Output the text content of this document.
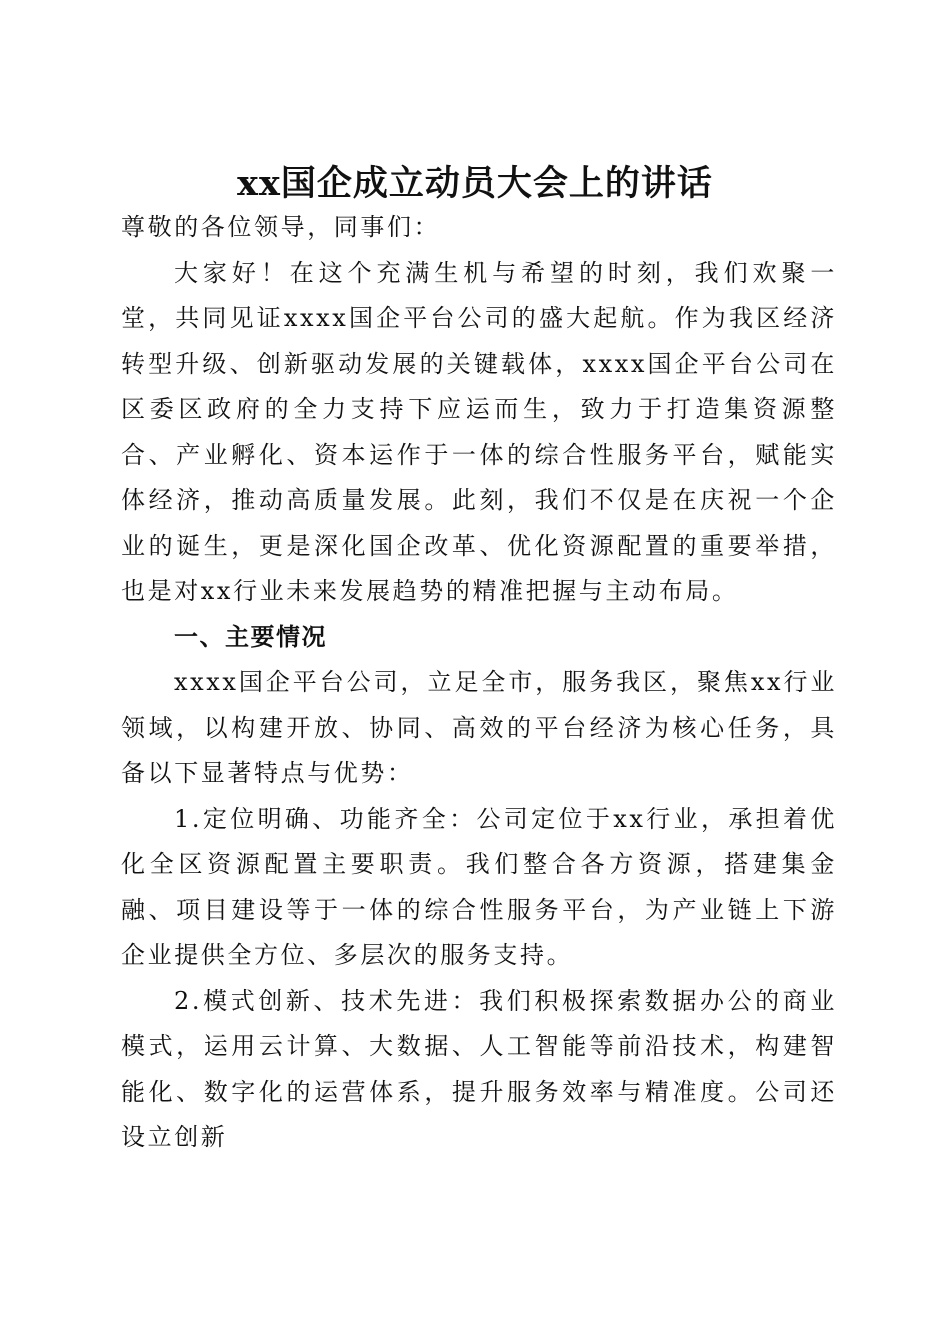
xx国企成立动员大会上的讲话

尊敬的各位领导，同事们：

大家好！在这个充满生机与希望的时刻，我们欢聚一堂，共同见证xxxx国企平台公司的盛大起航。作为我区经济转型升级、创新驱动发展的关键载体，xxxx国企平台公司在区委区政府的全力支持下应运而生，致力于打造集资源整合、产业孵化、资本运作于一体的综合性服务平台，赋能实体经济，推动高质量发展。此刻，我们不仅是在庆祝一个企业的诞生，更是深化国企改革、优化资源配置的重要举措，也是对xx行业未来发展趋势的精准把握与主动布局。

一、主要情况

xxxx国企平台公司，立足全市，服务我区，聚焦xx行业领域，以构建开放、协同、高效的平台经济为核心任务，具备以下显著特点与优势：

1.定位明确、功能齐全：公司定位于xx行业，承担着优化全区资源配置主要职责。我们整合各方资源，搭建集金融、项目建设等于一体的综合性服务平台，为产业链上下游企业提供全方位、多层次的服务支持。

2.模式创新、技术先进：我们积极探索数据办公的商业模式，运用云计算、大数据、人工智能等前沿技术，构建智能化、数字化的运营体系，提升服务效率与精准度。公司还设立创新
